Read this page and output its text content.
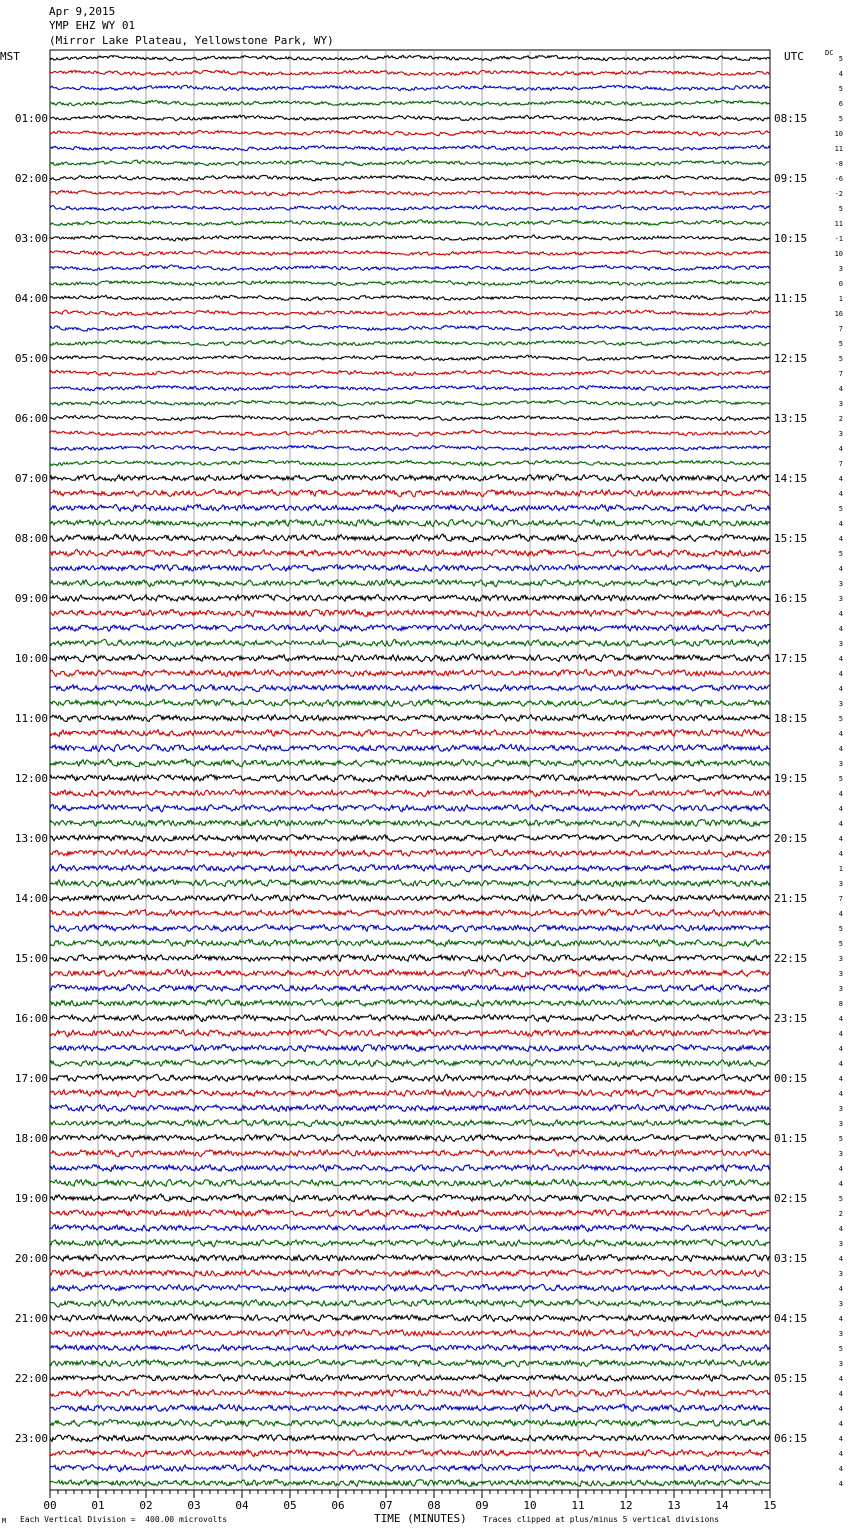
Apr 9,2015
YMP EHZ WY 01
(Mirror Lake Plateau, Yellowstone Park, WY)
MST	UTC	DC
5
4
5
6
5
01:00	08:15
10
11
-8
-6
02:00	09:15
-2
5
11
-1
03:00	10:15
10
3
0
1
04:00	11:15
16
7
5
5
05:00	12:15
7
4
3
2
06:00	13:15
3
4
7
4
07:00	14:15
4
5
4
4
08:00	15:15
5
4
3
3
09:00	16:15
4
4
3
4
10:00	17:15
4
4
3
5
11:00	18:15
4
4
3
5
12:00	19:15
4
4
4
4
13:00	20:15
4
1
3
7
14:00	21:15
4
5
5
3
15:00	22:15
3
3
8
4
16:00	23:15
4
4
4
4
17:00	00:15
4
3
3
5
18:00	01:15
3
4
4
5
19:00	02:15
2
4
3
4
20:00	03:15
3
4
3
4
21:00	04:15
3
5
3
4
22:00	05:15
4
4
4
4
23:00	06:15
4
4
4
00	01	02	03	04	05	06	07	08	09	10	11	12	13	14	15
M Each Vertical Division =  400.00 microvolts	TIME (MINUTES) Traces clipped at plus/minus 5 vertical divisions
